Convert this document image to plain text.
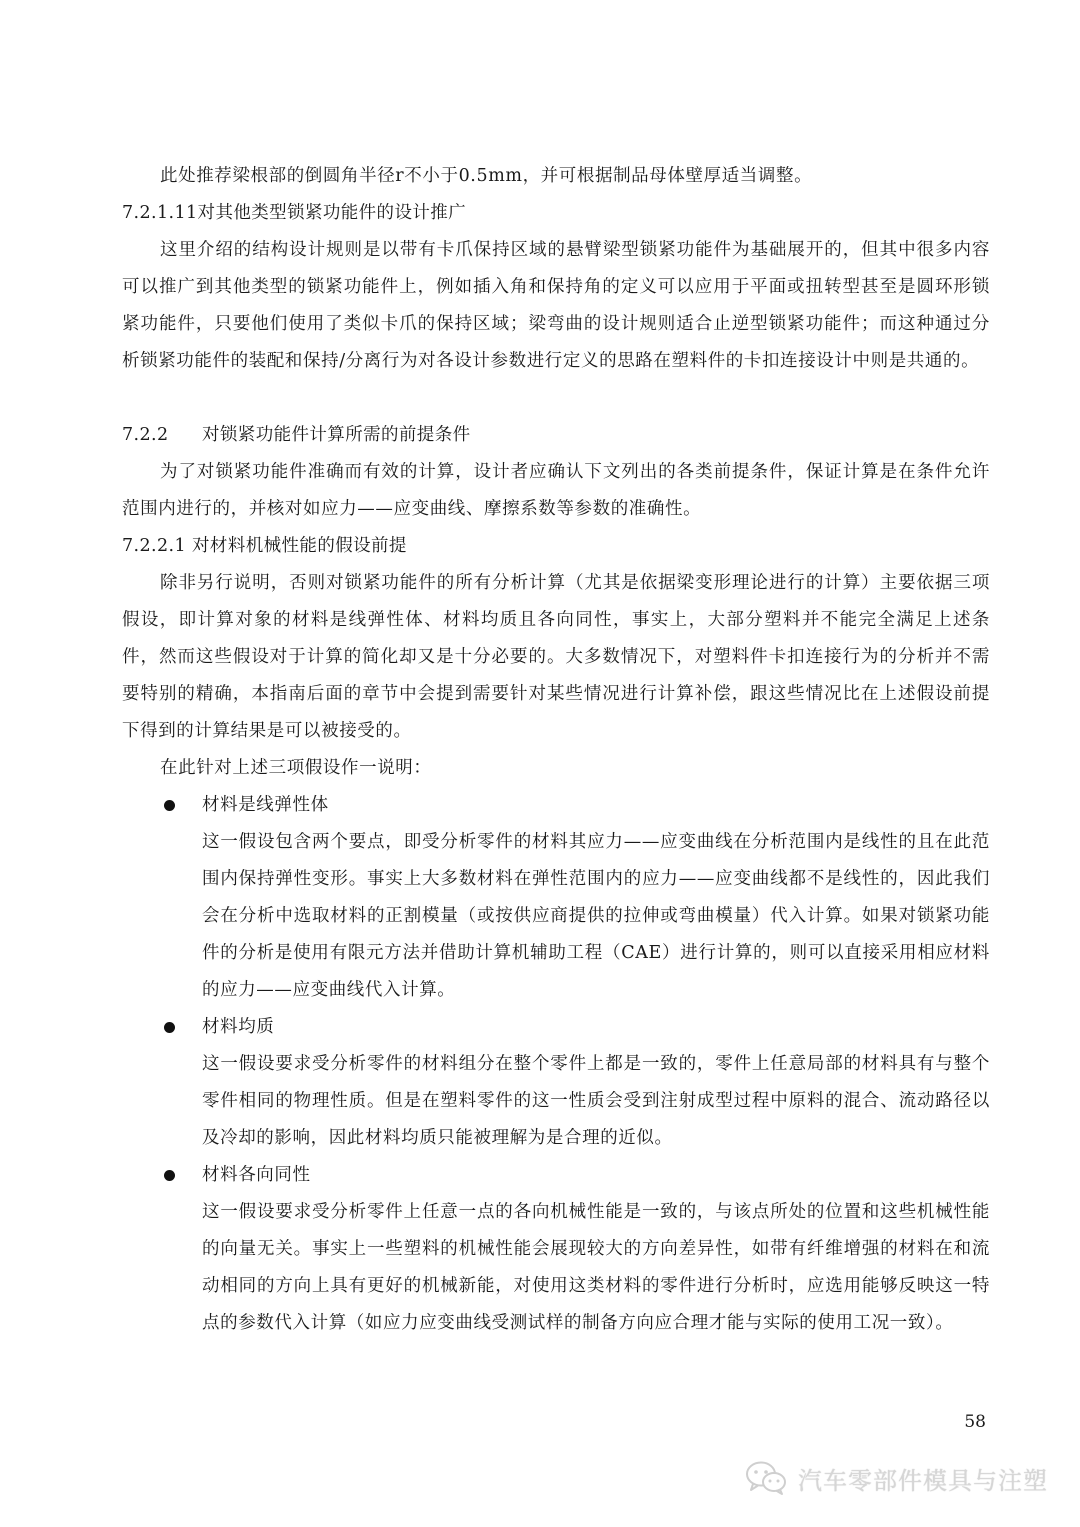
此处推荐梁根部的倒圆角半径r不小于0.5mm，并可根据制品母体壁厚适当调整。

7.2.1.11对其他类型锁紧功能件的设计推广

这里介绍的结构设计规则是以带有卡爪保持区域的悬臂梁型锁紧功能件为基础展开的，但其中很多内容可以推广到其他类型的锁紧功能件上，例如插入角和保持角的定义可以应用于平面或扭转型甚至是圆环形锁紧功能件，只要他们使用了类似卡爪的保持区域；梁弯曲的设计规则适合止逆型锁紧功能件；而这种通过分析锁紧功能件的装配和保持/分离行为对各设计参数进行定义的思路在塑料件的卡扣连接设计中则是共通的。

7.2.2 对锁紧功能件计算所需的前提条件

为了对锁紧功能件准确而有效的计算，设计者应确认下文列出的各类前提条件，保证计算是在条件允许范围内进行的，并核对如应力——应变曲线、摩擦系数等参数的准确性。

7.2.2.1 对材料机械性能的假设前提

除非另行说明，否则对锁紧功能件的所有分析计算（尤其是依据梁变形理论进行的计算）主要依据三项假设，即计算对象的材料是线弹性体、材料均质且各向同性，事实上，大部分塑料并不能完全满足上述条件，然而这些假设对于计算的简化却又是十分必要的。大多数情况下，对塑料件卡扣连接行为的分析并不需要特别的精确，本指南后面的章节中会提到需要针对某些情况进行计算补偿，跟这些情况比在上述假设前提下得到的计算结果是可以被接受的。

在此针对上述三项假设作一说明：

材料是线弹性体

这一假设包含两个要点，即受分析零件的材料其应力——应变曲线在分析范围内是线性的且在此范围内保持弹性变形。事实上大多数材料在弹性范围内的应力——应变曲线都不是线性的，因此我们会在分析中选取材料的正割模量（或按供应商提供的拉伸或弯曲模量）代入计算。如果对锁紧功能件的分析是使用有限元方法并借助计算机辅助工程（CAE）进行计算的，则可以直接采用相应材料的应力——应变曲线代入计算。

材料均质

这一假设要求受分析零件的材料组分在整个零件上都是一致的，零件上任意局部的材料具有与整个零件相同的物理性质。但是在塑料零件的这一性质会受到注射成型过程中原料的混合、流动路径以及冷却的影响，因此材料均质只能被理解为是合理的近似。

材料各向同性

这一假设要求受分析零件上任意一点的各向机械性能是一致的，与该点所处的位置和这些机械性能的向量无关。事实上一些塑料的机械性能会展现较大的方向差异性，如带有纤维增强的材料在和流动相同的方向上具有更好的机械新能，对使用这类材料的零件进行分析时，应选用能够反映这一特点的参数代入计算（如应力应变曲线受测试样的制备方向应合理才能与实际的使用工况一致）。

58
汽车零部件模具与注塑
